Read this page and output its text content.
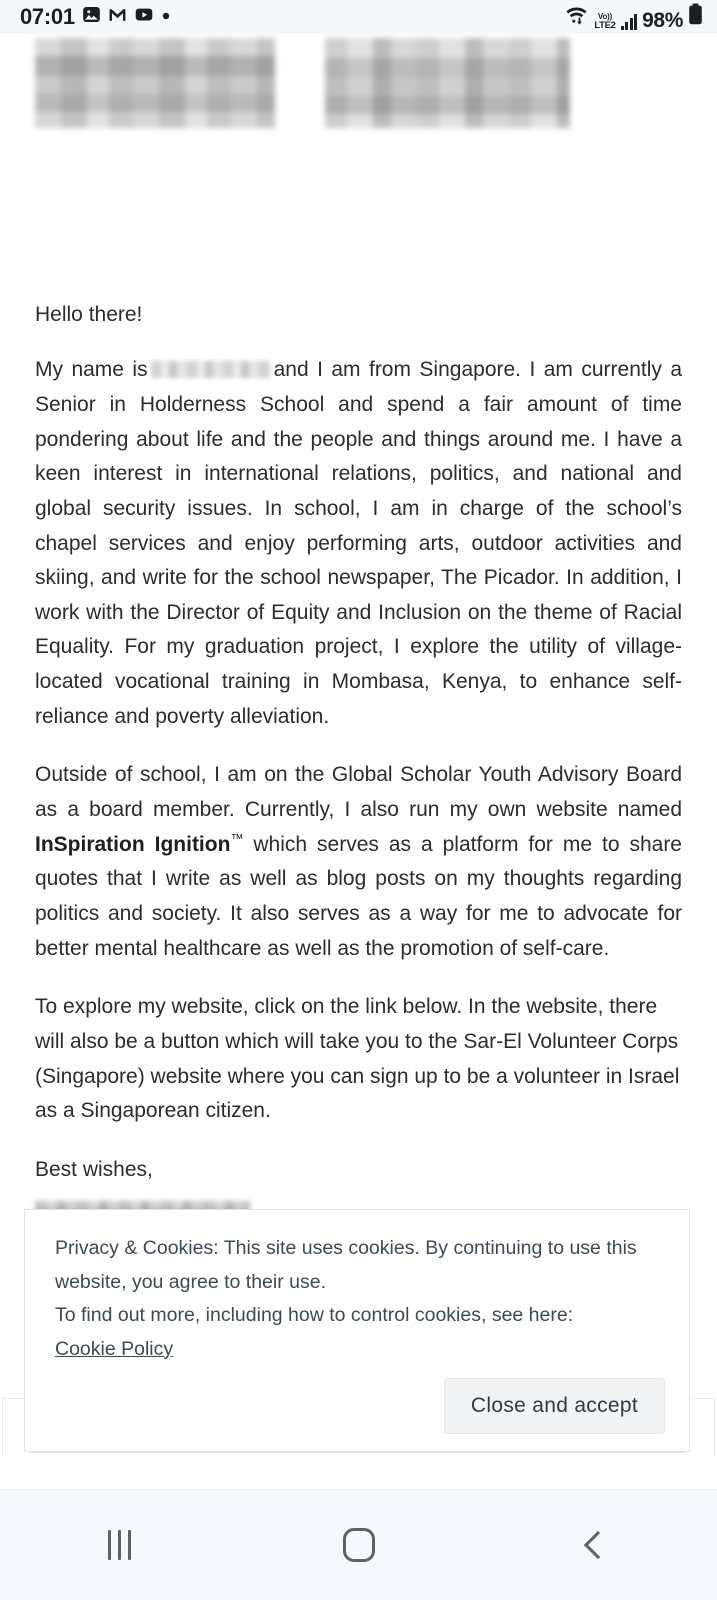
07:01	Vo))
LTE2 98%
Hello there!

My name is	and I am from Singapore. I am currently a Senior in Holderness School and spend a fair amount of time pondering about life and the people and things around me. I have a keen interest in international relations, politics, and national and global security issues. In school, I am in charge of the school’s chapel services and enjoy performing arts, outdoor activities and skiing, and write for the school newspaper, The Picador. In addition, I work with the Director of Equity and Inclusion on the theme of Racial Equality. For my graduation project, I explore the utility of village-located vocational training in Mombasa, Kenya, to enhance self-reliance and poverty alleviation.

Outside of school, I am on the Global Scholar Youth Advisory Board as a board member. Currently, I also run my own website named InSpiration Ignition™ which serves as a platform for me to share quotes that I write as well as blog posts on my thoughts regarding politics and society. It also serves as a way for me to advocate for better mental healthcare as well as the promotion of self-care.

To explore my website, click on the link below. In the website, there will also be a button which will take you to the Sar-El Volunteer Corps (Singapore) website where you can sign up to be a volunteer in Israel as a Singaporean citizen.

Best wishes,

Privacy & Cookies: This site uses cookies. By continuing to use this website, you agree to their use.
To find out more, including how to control cookies, see here:
Cookie Policy
Close and accept
